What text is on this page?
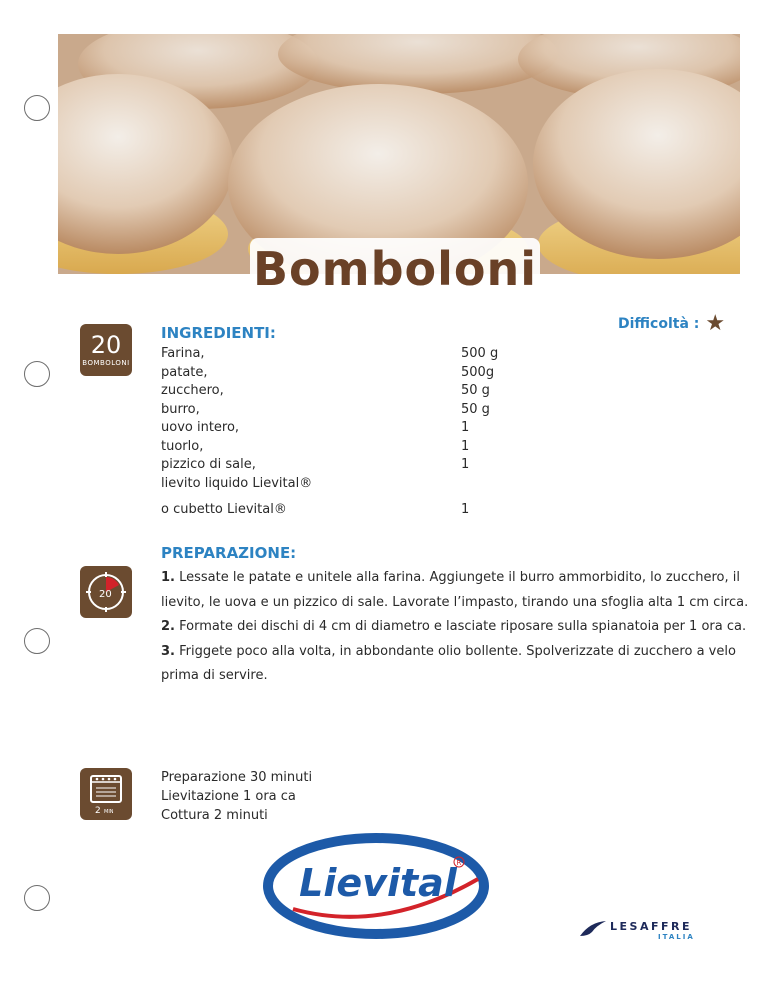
Bomboloni
20
BOMBOLONI
INGREDIENTI:	Difficoltà : ★
Farina,	500 g
patate,	500g
zucchero,	50 g
burro,	50 g
uovo intero,	1
tuorlo,	1
pizzico di sale,	1
lievito liquido Lievital®
o cubetto Lievital®	1
20
PREPARAZIONE:

1. Lessate le patate e unitele alla farina. Aggiungete il burro ammorbidito, lo zucchero, il lievito, le uova e un pizzico di sale. Lavorate l’impasto, tirando una sfoglia alta 1 cm circa.

2. Formate dei dischi di 4 cm di diametro e lasciate riposare sulla spianatoia per 1 ora ca.

3. Friggete poco alla volta, in abbondante olio bollente. Spolverizzate di zucchero a velo prima di servire.

2 MIN
Preparazione 30 minuti
Lievitazione 1 ora ca
Cottura 2 minuti
Lievital R
LESAFFRE
ITALIA
